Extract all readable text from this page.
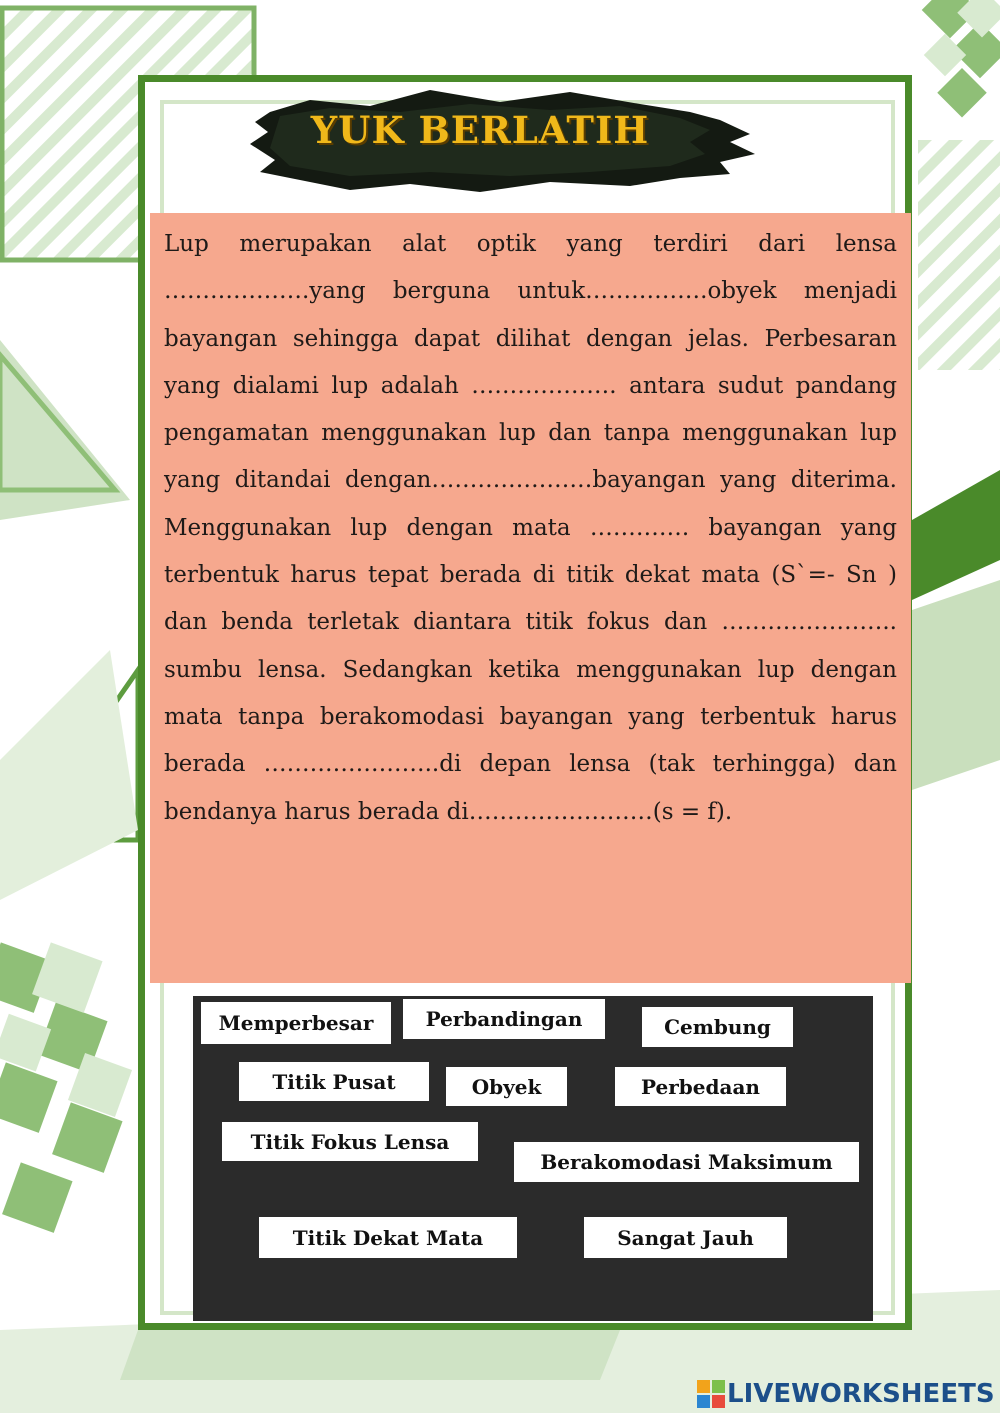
YUK BERLATIH

Lup merupakan alat optik yang terdiri dari lensa ……………….yang berguna untuk…………….obyek menjadi bayangan sehingga dapat dilihat dengan jelas. Perbesaran yang dialami lup adalah ………………. antara sudut pandang pengamatan menggunakan lup dan tanpa menggunakan lup yang ditandai dengan…………………bayangan yang diterima. Menggunakan lup dengan mata …………. bayangan yang terbentuk harus tepat berada di titik dekat mata (S`=- Sn ) dan benda terletak diantara titik fokus dan ………………….. sumbu lensa. Sedangkan ketika menggunakan lup dengan mata tanpa berakomodasi bayangan yang terbentuk harus berada …………………..di depan lensa (tak terhingga) dan bendanya harus berada di……………………(s = f).

Memperbesar	Perbandingan	Cembung
Titik Pusat	Obyek	Perbedaan
Titik Fokus Lensa
Berakomodasi Maksimum
Titik Dekat Mata	Sangat Jauh
LIVEWORKSHEETS
